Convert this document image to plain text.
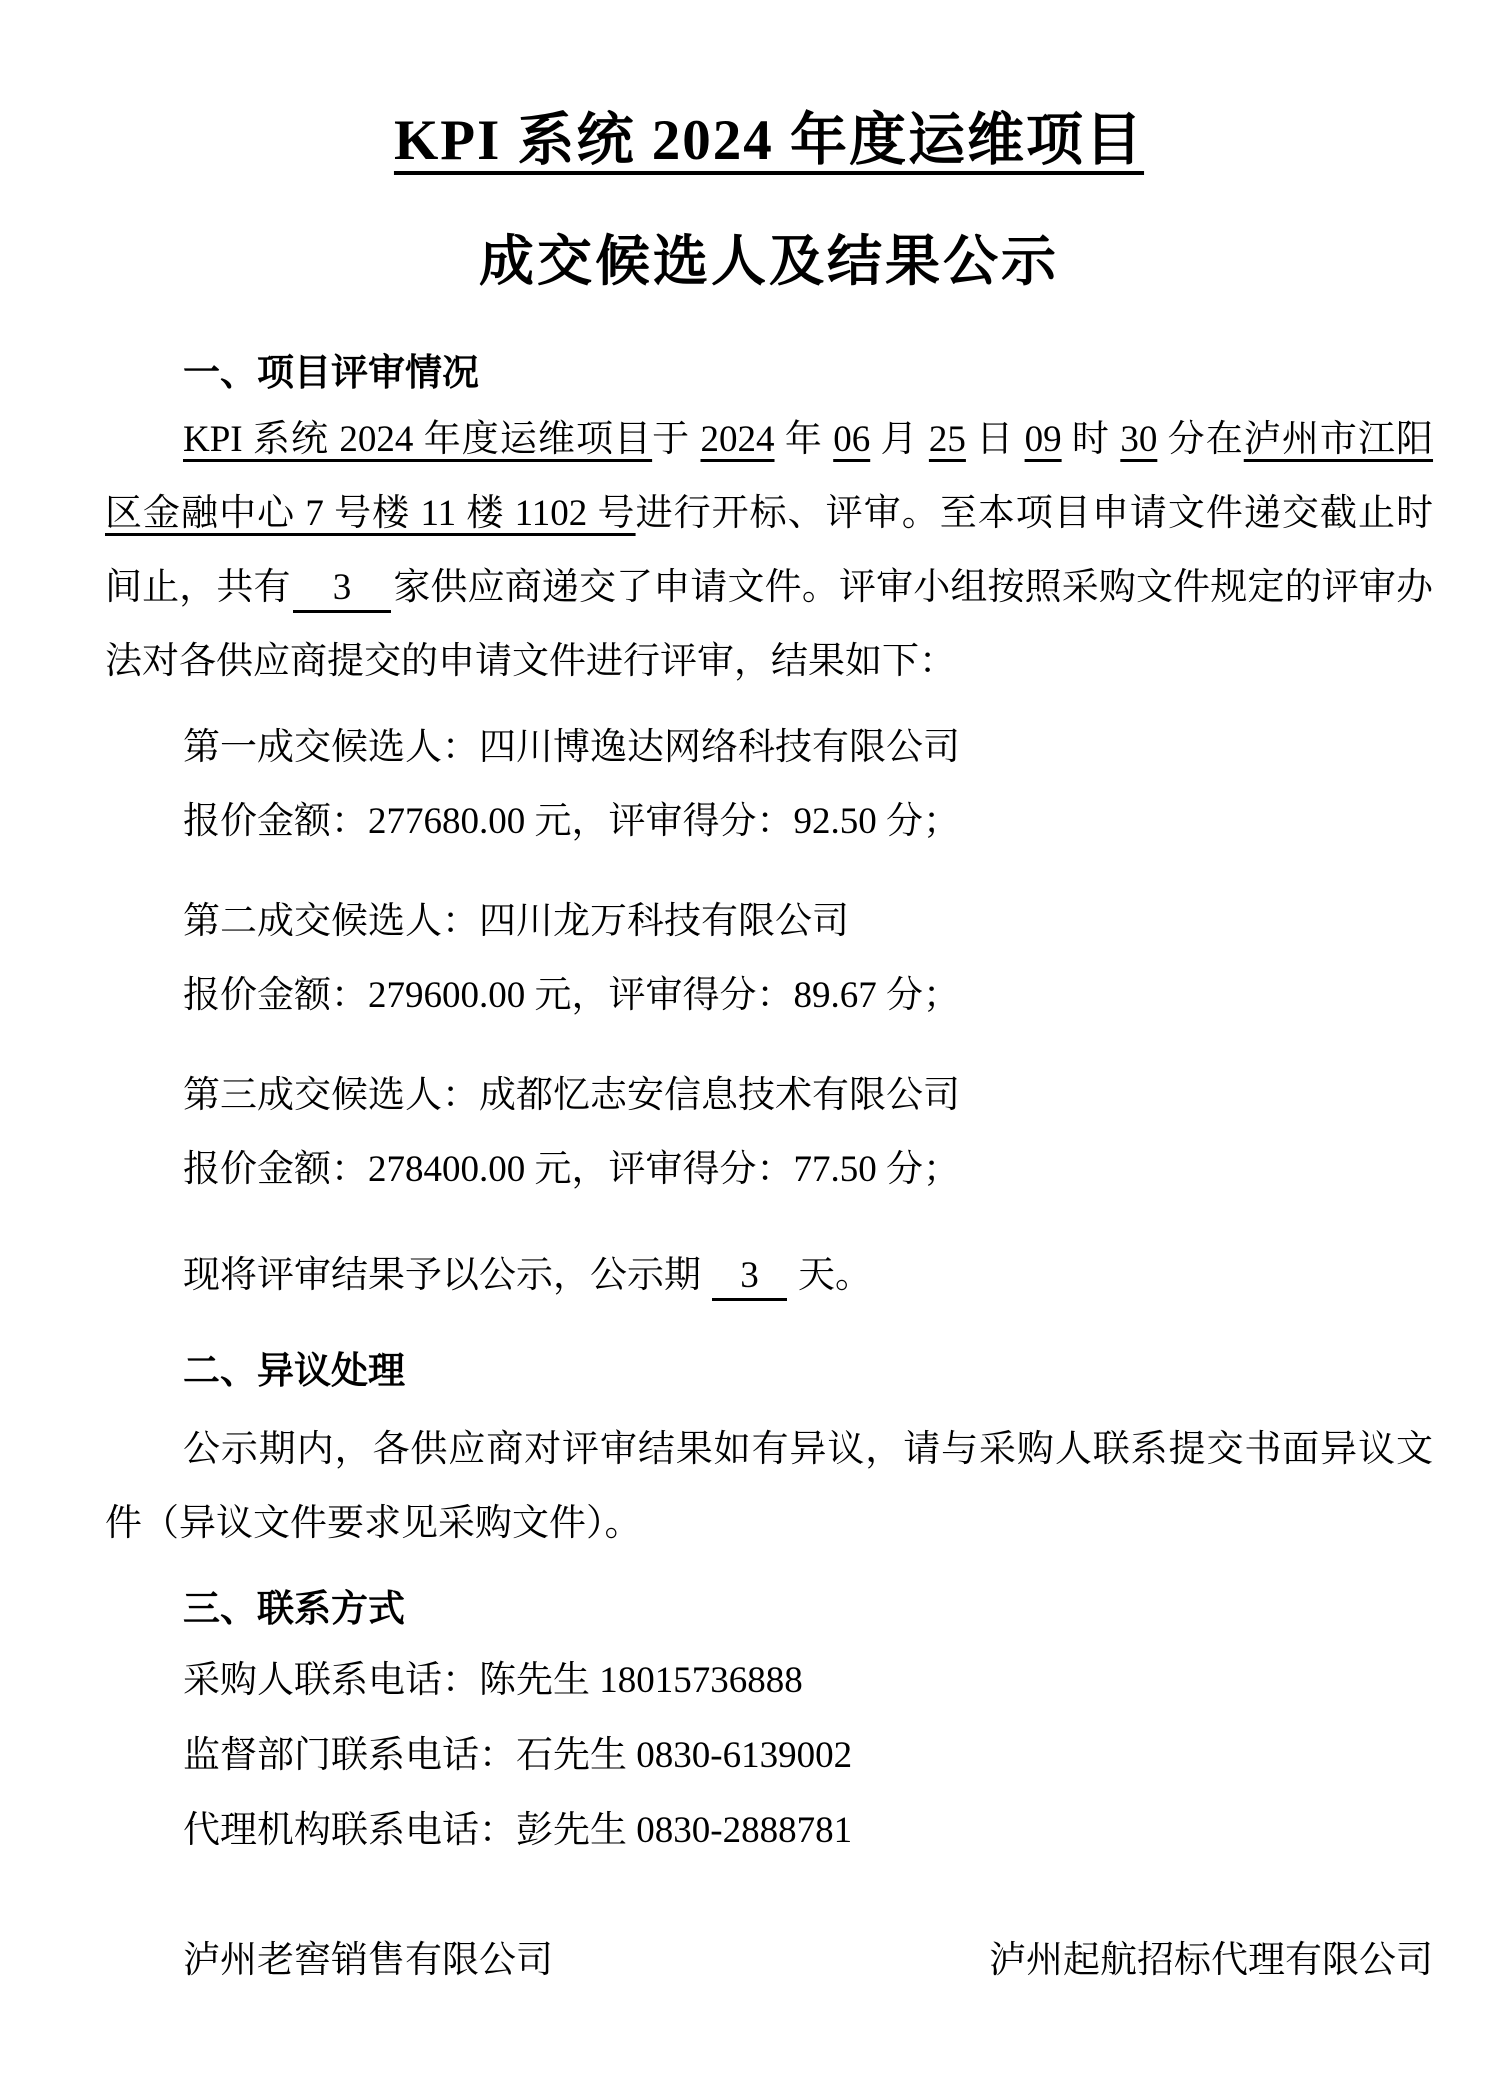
KPI 系统 2024 年度运维项目
成交候选人及结果公示
一、项目评审情况

KPI 系统 2024 年度运维项目于 2024 年 06 月 25 日 09 时 30 分在泸州市江阳区金融中心 7 号楼 11 楼 1102 号进行开标、评审。至本项目申请文件递交截止时间止，共有 3 家供应商递交了申请文件。评审小组按照采购文件规定的评审办法对各供应商提交的申请文件进行评审，结果如下：

第一成交候选人：四川博逸达网络科技有限公司

报价金额：277680.00 元，评审得分：92.50 分；

第二成交候选人：四川龙万科技有限公司

报价金额：279600.00 元，评审得分：89.67 分；

第三成交候选人：成都忆志安信息技术有限公司

报价金额：278400.00 元，评审得分：77.50 分；

现将评审结果予以公示，公示期 3 天。

二、异议处理

公示期内，各供应商对评审结果如有异议，请与采购人联系提交书面异议文件（异议文件要求见采购文件）。

三、联系方式

采购人联系电话：陈先生 18015736888

监督部门联系电话：石先生 0830-6139002

代理机构联系电话：彭先生 0830-2888781

泸州老窖销售有限公司	泸州起航招标代理有限公司
